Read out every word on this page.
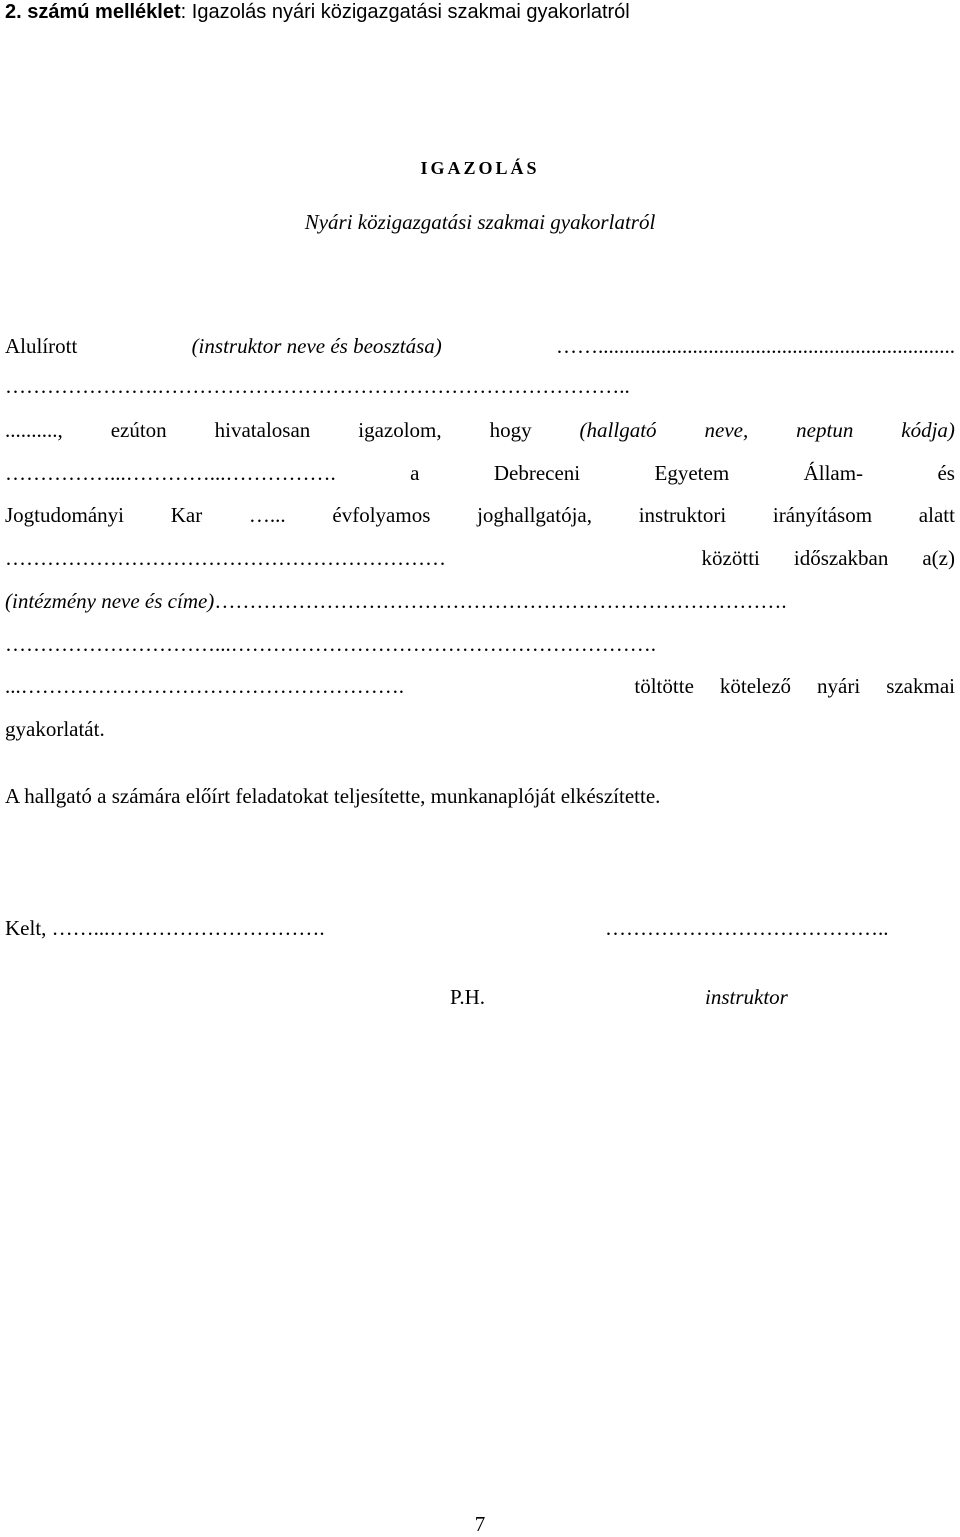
2. számú melléklet: Igazolás nyári közigazgatási szakmai gyakorlatról
IGAZOLÁS
Nyári közigazgatási szakmai gyakorlatról
Alulírott	(instruktor neve és beosztása)	……....................................................................
………………….…………………………………………………………..
.........., ezúton hivatalosan igazolom, hogy (hallgató neve, neptun kódja)
……………...…………...…………….	a	Debreceni	Egyetem	Állam-	és
Jogtudományi Kar …... évfolyamos joghallgatója, instruktori irányításom alatt
………………………………………………………	közötti időszakban a(z)
(intézmény neve és címe)……………………………………………………………………….
…………………………...…………………………………………………….
...……………………………………………….	töltötte kötelező nyári szakmai
gyakorlatát.
A hallgató a számára előírt feladatokat teljesítette, munkanaplóját elkészítette.
Kelt, ……...………………………….	…………………………………..
P.H.	instruktor
7
